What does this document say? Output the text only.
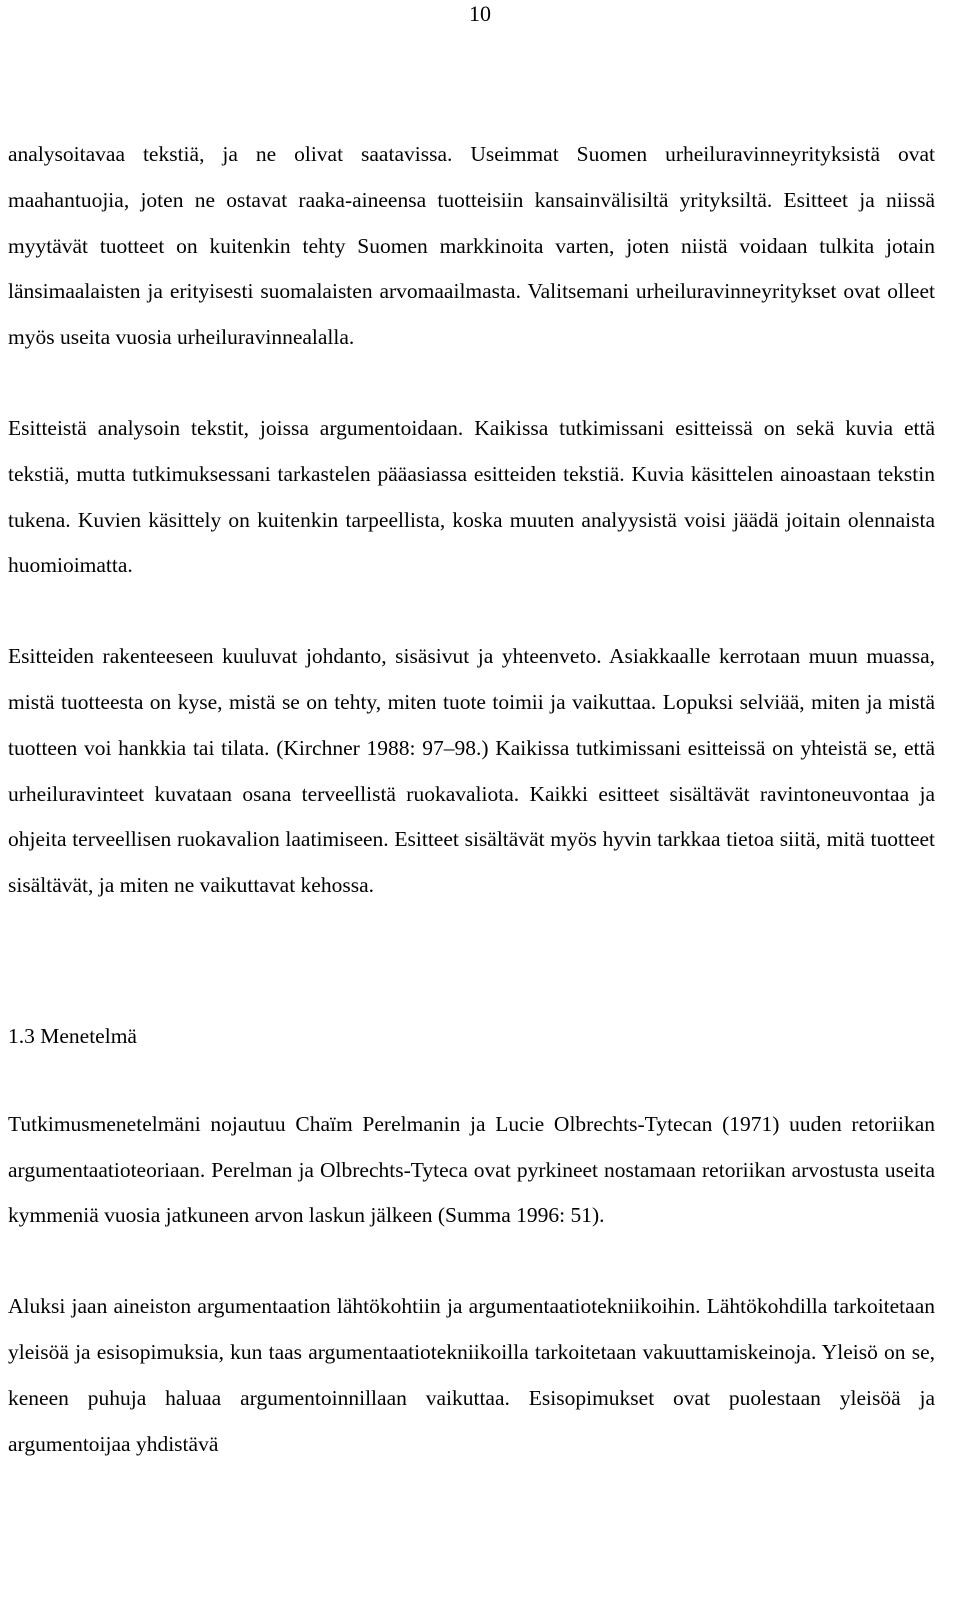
10

analysoitavaa tekstiä, ja ne olivat saatavissa. Useimmat Suomen urheiluravinneyrityksistä ovat maahantuojia, joten ne ostavat raaka-aineensa tuotteisiin kansainvälisiltä yrityksiltä. Esitteet ja niissä myytävät tuotteet on kuitenkin tehty Suomen markkinoita varten, joten niistä voidaan tulkita jotain länsimaalaisten ja erityisesti suomalaisten arvomaailmasta. Valitsemani urheiluravinneyritykset ovat olleet myös useita vuosia urheiluravinnealalla.

Esitteistä analysoin tekstit, joissa argumentoidaan. Kaikissa tutkimissani esitteissä on sekä kuvia että tekstiä, mutta tutkimuksessani tarkastelen pääasiassa esitteiden tekstiä. Kuvia käsittelen ainoastaan tekstin tukena. Kuvien käsittely on kuitenkin tarpeellista, koska muuten analyysistä voisi jäädä joitain olennaista huomioimatta.

Esitteiden rakenteeseen kuuluvat johdanto, sisäsivut ja yhteenveto. Asiakkaalle kerrotaan muun muassa, mistä tuotteesta on kyse, mistä se on tehty, miten tuote toimii ja vaikuttaa. Lopuksi selviää, miten ja mistä tuotteen voi hankkia tai tilata. (Kirchner 1988: 97–98.) Kaikissa tutkimissani esitteissä on yhteistä se, että urheiluravinteet kuvataan osana terveellistä ruokavaliota. Kaikki esitteet sisältävät ravintoneuvontaa ja ohjeita terveellisen ruokavalion laatimiseen. Esitteet sisältävät myös hyvin tarkkaa tietoa siitä, mitä tuotteet sisältävät, ja miten ne vaikuttavat kehossa.

1.3 Menetelmä

Tutkimusmenetelmäni nojautuu Chaïm Perelmanin ja Lucie Olbrechts-Tytecan (1971) uuden retoriikan argumentaatioteoriaan. Perelman ja Olbrechts-Tyteca ovat pyrkineet nostamaan retoriikan arvostusta useita kymmeniä vuosia jatkuneen arvon laskun jälkeen (Summa 1996: 51).

Aluksi jaan aineiston argumentaation lähtökohtiin ja argumentaatiotekniikoihin. Lähtökohdilla tarkoitetaan yleisöä ja esisopimuksia, kun taas argumentaatiotekniikoilla tarkoitetaan vakuuttamiskeinoja. Yleisö on se, keneen puhuja haluaa argumentoinnillaan vaikuttaa. Esisopimukset ovat puolestaan yleisöä ja argumentoijaa yhdistävä
